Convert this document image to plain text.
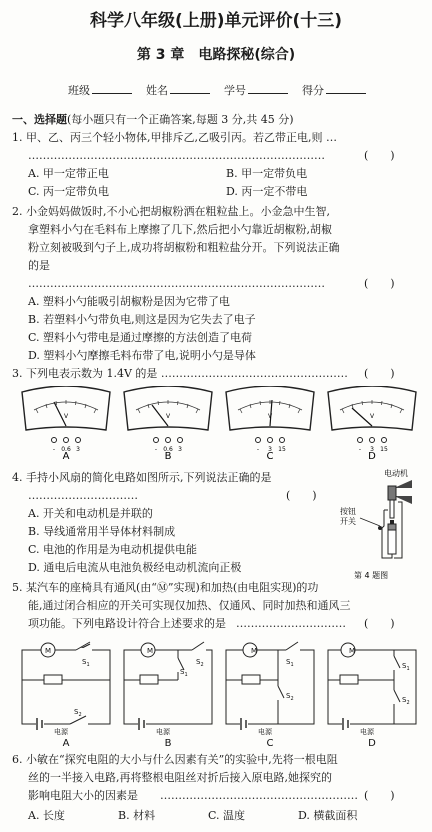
科学八年级(上册)单元评价(十三)
第 3 章　电路探秘(综合)
班级	姓名	学号	得分
一、选择题(每小题只有一个正确答案,每题 3 分,共 45 分)
1. 甲、乙、丙三个轻小物体,甲排斥乙,乙吸引丙。若乙带正电,则 …
………………………………………………………………………	(　　)
A. 甲一定带正电	B. 甲一定带负电
C. 丙一定带负电	D. 丙一定不带电
2. 小金妈妈做饭时,不小心把胡椒粉洒在粗粒盐上。小金急中生智,
拿塑料小勺在毛料布上摩擦了几下,然后把小勺靠近胡椒粉,胡椒
粉立刻被吸到勺子上,成功将胡椒粉和粗粒盐分开。下列说法正确
的是
………………………………………………………………………	(　　)
A. 塑料小勺能吸引胡椒粉是因为它带了电
B. 若塑料小勺带负电,则这是因为它失去了电子
C. 塑料小勺带电是通过摩擦的方法创造了电荷
D. 塑料小勺摩擦毛料布带了电,说明小勺是导体
3. 下列电表示数为 1.4V 的是 …………………………………………… (　　)
V
- 0.6 3
A
V
- 0.6 3
B
V
- 3 15
C
V
- 3 15
D
4. 手持小风扇的简化电路如图所示,下列说法正确的是
…………………………	(　　)
A. 开关和电动机是并联的
B. 导线通常用半导体材料制成
C. 电池的作用是为电动机提供电能
D. 通电后电流从电池负极经电动机流向正极
电动机
按钮
开关
第 4 题图
5. 某汽车的座椅具有通风(由“Ⓜ”实现)和加热(由电阻实现)的功
能,通过闭合相应的开关可实现仅加热、仅通风、同时加热和通风三
项功能。下列电路设计符合上述要求的是 …………………………	(　　)
M	M	M	M
$S_1$
$S_2$
$S_1$
$S_2$	$S_1$
$S_2$
$S_1$
$S_2$
电源	电源	电源	电源
A	B	C	D
6. 小敏在“探究电阻的大小与什么因素有关”的实验中,先将一根电阻
丝的一半接入电路,再将整根电阻丝对折后接入原电路,她探究的
影响电阻大小的因素是 ……………………………………………… (　　)
A. 长度	B. 材料	C. 温度	D. 横截面积
